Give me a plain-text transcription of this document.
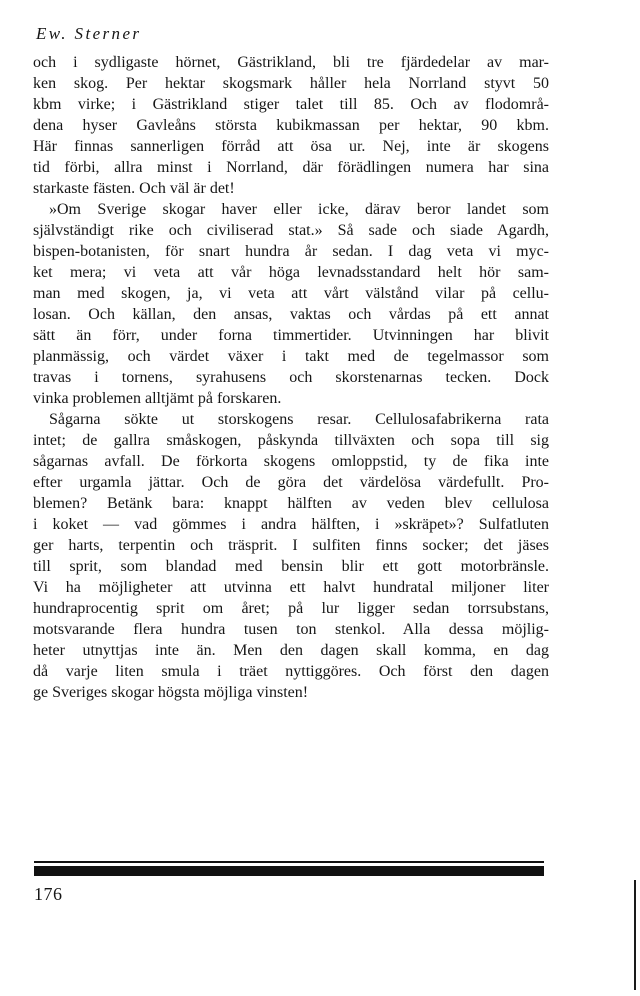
Ew. Sterner
och i sydligaste hörnet, Gästrikland, bli tre fjärdedelar av mar-
ken skog. Per hektar skogsmark håller hela Norrland styvt 50
kbm virke; i Gästrikland stiger talet till 85. Och av flodområ-
dena hyser Gavleåns största kubikmassan per hektar, 90 kbm.
Här finnas sannerligen förråd att ösa ur. Nej, inte är skogens
tid förbi, allra minst i Norrland, där förädlingen numera har sina
starkaste fästen. Och väl är det!
»Om Sverige skogar haver eller icke, därav beror landet som
självständigt rike och civiliserad stat.» Så sade och siade Agardh,
bispen-botanisten, för snart hundra år sedan. I dag veta vi myc-
ket mera; vi veta att vår höga levnadsstandard helt hör sam-
man med skogen, ja, vi veta att vårt välstånd vilar på cellu-
losan. Och källan, den ansas, vaktas och vårdas på ett annat
sätt än förr, under forna timmertider. Utvinningen har blivit
planmässig, och värdet växer i takt med de tegelmassor som
travas i tornens, syrahusens och skorstenarnas tecken. Dock
vinka problemen alltjämt på forskaren.
Sågarna sökte ut storskogens resar. Cellulosafabrikerna rata
intet; de gallra småskogen, påskynda tillväxten och sopa till sig
sågarnas avfall. De förkorta skogens omloppstid, ty de fika inte
efter urgamla jättar. Och de göra det värdelösa värdefullt. Pro-
blemen? Betänk bara: knappt hälften av veden blev cellulosa
i koket — vad gömmes i andra hälften, i »skräpet»? Sulfatluten
ger harts, terpentin och träsprit. I sulfiten finns socker; det jäses
till sprit, som blandad med bensin blir ett gott motorbränsle.
Vi ha möjligheter att utvinna ett halvt hundratal miljoner liter
hundraprocentig sprit om året; på lur ligger sedan torrsubstans,
motsvarande flera hundra tusen ton stenkol. Alla dessa möjlig-
heter utnyttjas inte än. Men den dagen skall komma, en dag
då varje liten smula i träet nyttiggöres. Och först den dagen
ge Sveriges skogar högsta möjliga vinsten!
176
